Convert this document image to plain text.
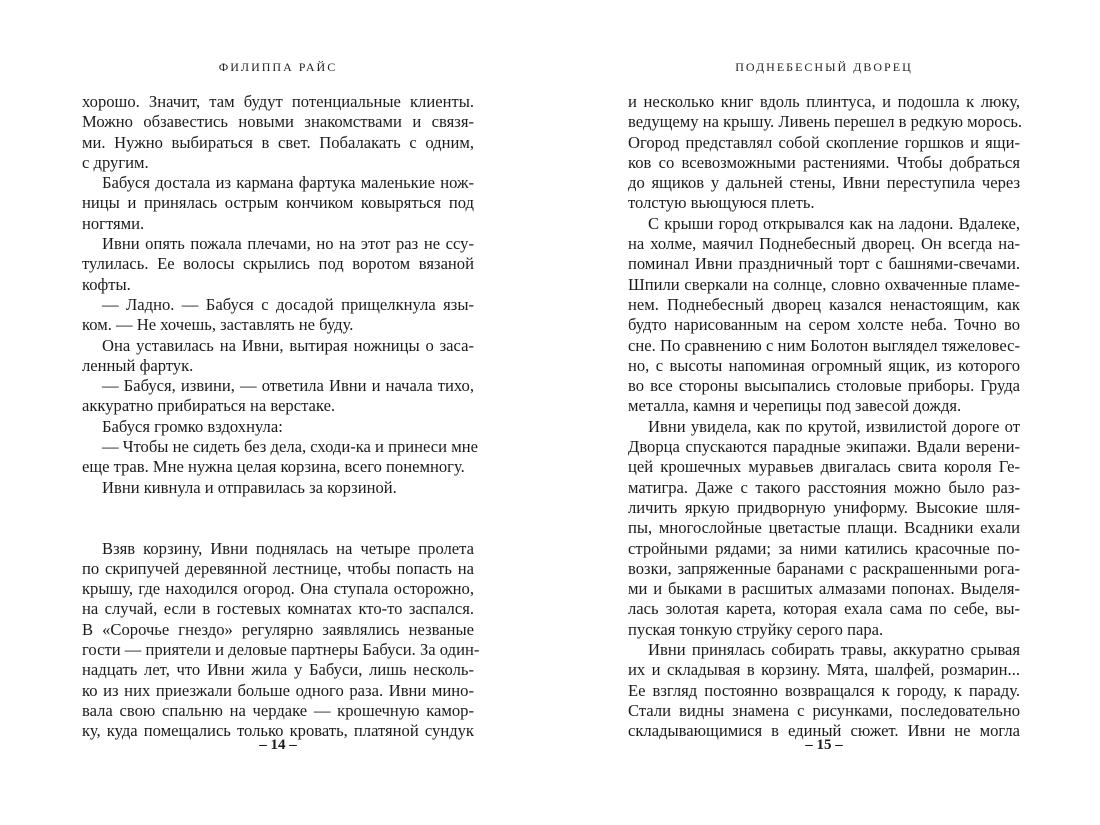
ФИЛИППА РАЙС
хорошо. Значит, там будут потенциальные клиенты.
Можно обзавестись новыми знакомствами и связя-
ми. Нужно выбираться в свет. Побалакать с одним,
с другим.
Бабуся достала из кармана фартука маленькие нож-
ницы и принялась острым кончиком ковыряться под
ногтями.
Ивни опять пожала плечами, но на этот раз не ссу-
тулилась. Ее волосы скрылись под воротом вязаной
кофты.
— Ладно. — Бабуся с досадой прищелкнула язы-
ком. — Не хочешь, заставлять не буду.
Она уставилась на Ивни, вытирая ножницы о заса-
ленный фартук.
— Бабуся, извини, — ответила Ивни и начала тихо,
аккуратно прибираться на верстаке.
Бабуся громко вздохнула:
— Чтобы не сидеть без дела, сходи-ка и принеси мне
еще трав. Мне нужна целая корзина, всего понемногу.
Ивни кивнула и отправилась за корзиной.
Взяв корзину, Ивни поднялась на четыре пролета
по скрипучей деревянной лестнице, чтобы попасть на
крышу, где находился огород. Она ступала осторожно,
на случай, если в гостевых комнатах кто-то заспался.
В «Сорочье гнездо» регулярно заявлялись незваные
гости — приятели и деловые партнеры Бабуси. За один-
надцать лет, что Ивни жила у Бабуси, лишь несколь-
ко из них приезжали больше одного раза. Ивни мино-
вала свою спальню на чердаке — крошечную камор-
ку, куда помещались только кровать, платяной сундук
– 14 –
ПОДНЕБЕСНЫЙ ДВОРЕЦ
и несколько книг вдоль плинтуса, и подошла к люку,
ведущему на крышу. Ливень перешел в редкую морось.
Огород представлял собой скопление горшков и ящи-
ков со всевозможными растениями. Чтобы добраться
до ящиков у дальней стены, Ивни переступила через
толстую вьющуюся плеть.
С крыши город открывался как на ладони. Вдалеке,
на холме, маячил Поднебесный дворец. Он всегда на-
поминал Ивни праздничный торт с башнями-свечами.
Шпили сверкали на солнце, словно охваченные пламе-
нем. Поднебесный дворец казался ненастоящим, как
будто нарисованным на сером холсте неба. Точно во
сне. По сравнению с ним Болотон выглядел тяжеловес-
но, с высоты напоминая огромный ящик, из которого
во все стороны высыпались столовые приборы. Груда
металла, камня и черепицы под завесой дождя.
Ивни увидела, как по крутой, извилистой дороге от
Дворца спускаются парадные экипажи. Вдали верени-
цей крошечных муравьев двигалась свита короля Ге-
матигра. Даже с такого расстояния можно было раз-
личить яркую придворную униформу. Высокие шля-
пы, многослойные цветастые плащи. Всадники ехали
стройными рядами; за ними катились красочные по-
возки, запряженные баранами с раскрашенными рога-
ми и быками в расшитых алмазами попонах. Выделя-
лась золотая карета, которая ехала сама по себе, вы-
пуская тонкую струйку серого пара.
Ивни принялась собирать травы, аккуратно срывая
их и складывая в корзину. Мята, шалфей, розмарин...
Ее взгляд постоянно возвращался к городу, к параду.
Стали видны знамена с рисунками, последовательно
складывающимися в единый сюжет. Ивни не могла
– 15 –
